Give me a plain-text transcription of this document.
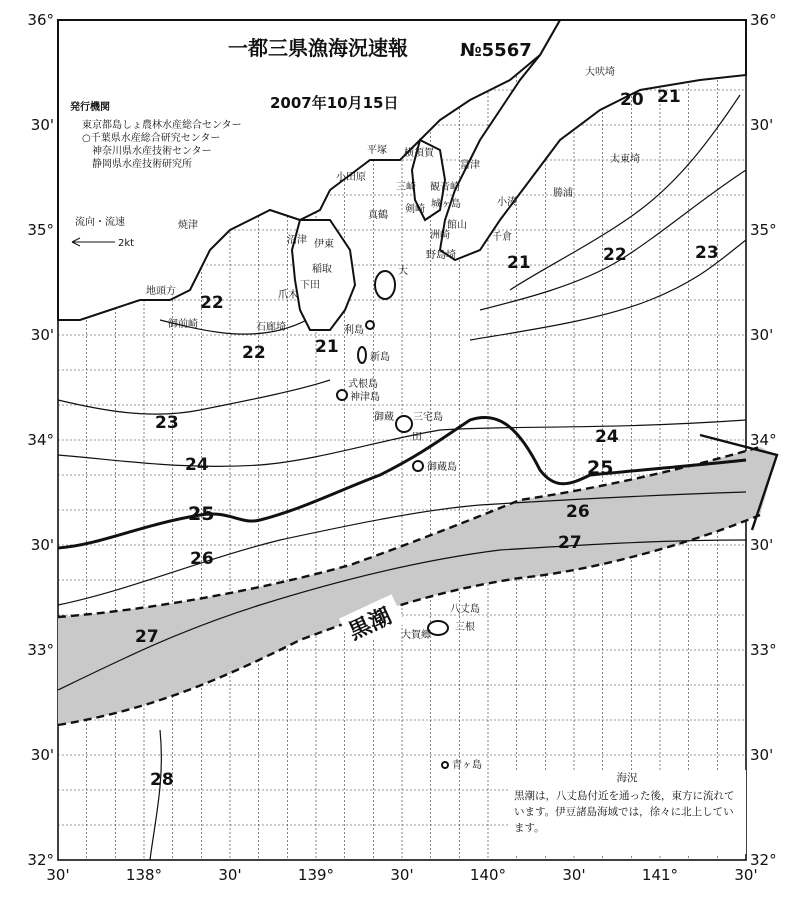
36°
30'
35°
30'
34°
30'
33°
30'
32°
36°
30'
35°
30'
34°
30'
33°
30'
32°
30'	138°	30'	139°	30'	140°	30'	141°	30'
一都三県漁海況速報	№5567
2007年10月15日
発行機関
東京都島しょ農林水産総合センター
○千葉県水産総合研究センター
神奈川県水産技術センター
静岡県水産技術研究所
流向・流速
2kt
黒潮
20 21
21	22
22
23
22
23
21
24
24
25
25
26
26
27
27
28
大吠埼
太東埼
勝浦
小湊
千倉
館山
富津
横須賀
観音崎
平塚
小田原
真鶴
三崎
城ヶ島
剣崎
洲崎
野島埼
沼津 伊東
稲取
下田
爪木
石廊埼
焼津
地頭方
御前崎
大
利島
新島
式根島
神津島
御蔵 三宅島
田
御蔵島
八丈島
三根
大賀郷
青ヶ島
海況
黒潮は，八丈島付近を通った後，東方に流れています。伊豆諸島海域では，徐々に北上しています。
